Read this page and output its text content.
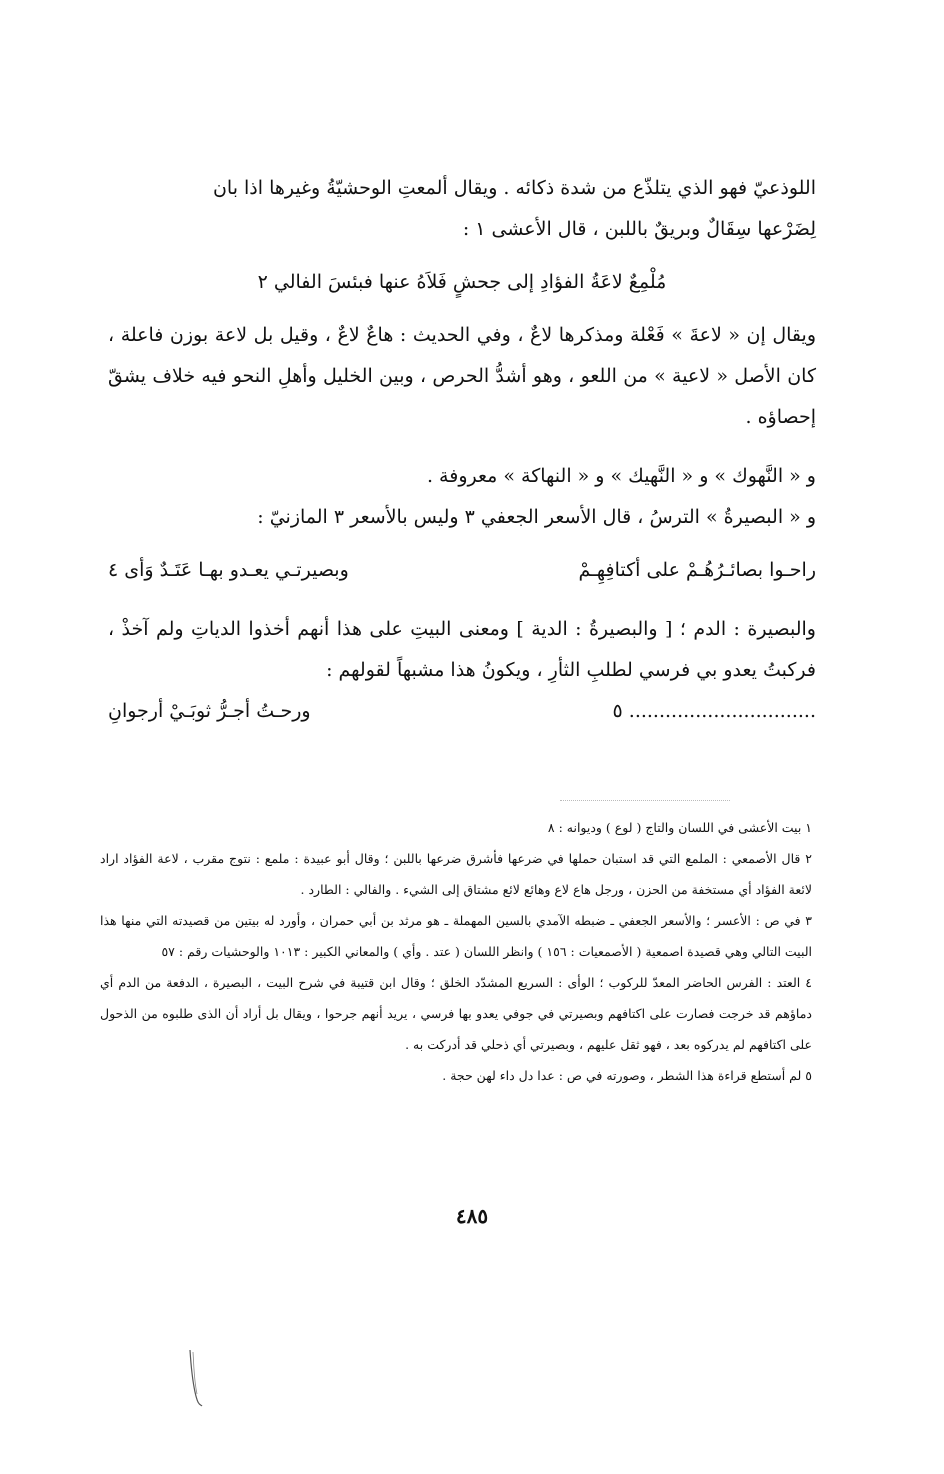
اللوذعيّ فهو الذي يتلذّع من شدة ذكائه . ويقال ألمعتِ الوحشيّةُ وغيرها اذا بان

لِضَرْعها سِقَالٌ وبريقٌ باللبن ، قال الأعشى ١ :

مُلْمِعٌ لاعَةُ الفؤادِ إلى جحشٍ فَلاَهُ عنها فبئسَ الفالي ٢

ويقال إن « لاعةَ » فَعْلة ومذكرها لاعٌ ، وفي الحديث : هاعٌ لاعٌ ، وقيل بل لاعة بوزن فاعلة ، كان الأصل « لاعية » من اللعو ، وهو أشدُّ الحرص ، وبين الخليل وأهلِ النحو فيه خلاف يشقّ إحصاؤه .

و « النَّهوك » و « النَّهيك » و « النهاكة » معروفة .

و « البصيرةُ » الترسُ ، قال الأسعر الجعفي ٣ وليس بالأسعر ٣ المازنيّ :

راحـوا بصائـرُهُـمْ على أكتافِهِـمْ
وبصيرتـي يعـدو بهـا عَتَـدٌ وَأى ٤

والبصيرة : الدم ؛ [ والبصيرةُ : الدية ] ومعنى البيتِ على هذا أنهم أخذوا الدياتِ ولم آخذْ ، فركبتُ يعدو بي فرسي لطلبِ الثأرِ ، ويكونُ هذا مشبهاً لقولهم :

............................... ٥
ورحـتُ أجـرُّ ثوبَـيْ أرجوانِ

١ بيت الأعشى في اللسان والتاج ( لوع ) وديوانه : ٨

٢ قال الأصمعي : الملمع التي قد استبان حملها في ضرعها فأشرق ضرعها باللبن ؛ وقال أبو عبيدة : ملمع : نتوج مقرب ، لاعة الفؤاد اراد لائعة الفؤاد أي مستخفة من الحزن ، ورجل هاع لاع وهائع لائع مشتاق إلى الشيء . والفالي : الطارد .

٣ في ص : الأعسر ؛ والأسعر الجعفي ـ ضبطه الآمدي بالسين المهملة ـ هو مرثد بن أبي حمران ، وأورد له بيتين من قصيدته التي منها هذا البيت التالي وهي قصيدة اصمعية ( الأصمعيات : ١٥٦ ) وانظر اللسان ( عتد . وأي ) والمعاني الكبير : ١٠١٣ والوحشيات رقم : ٥٧

٤ العتد : الفرس الحاضر المعدّ للركوب ؛ الوأى : السريع المشدّد الخلق ؛ وقال ابن قتيبة في شرح البيت ، البصيرة ، الدفعة من الدم أي دماؤهم قد خرجت فصارت على اكتافهم وبصيرتي في جوفي يعدو بها فرسي ، يريد أنهم جرحوا ، ويقال بل أراد أن الذى طلبوه من الذحول على اكتافهم لم يدركوه بعد ، فهو ثقل عليهم ، وبصيرتي أي ذحلي قد أدركت به .

٥ لم أستطع قراءة هذا الشطر ، وصورته في ص : عدا دل داء لهن حجة .

٤٨٥
